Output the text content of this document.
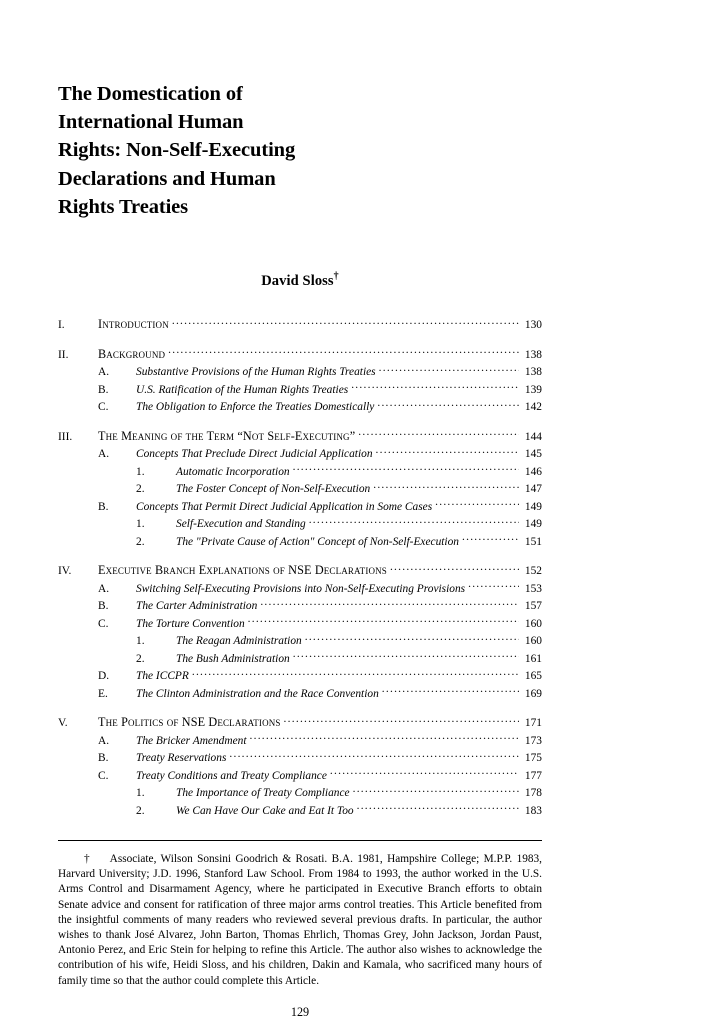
The Domestication of
International Human
Rights: Non-Self-Executing
Declarations and Human
Rights Treaties
David Sloss†
I.	Introduction .....	130
II.	Background .....	138
A.	Substantive Provisions of the Human Rights Treaties .....	138
B.	U.S. Ratification of the Human Rights Treaties .....	139
C.	The Obligation to Enforce the Treaties Domestically .....	142
III.	The Meaning of the Term “Not Self-Executing” .....	144
A.	Concepts That Preclude Direct Judicial Application .....	145
1.	Automatic Incorporation .....	146
2.	The Foster Concept of Non-Self-Execution .....	147
B.	Concepts That Permit Direct Judicial Application in Some Cases .....	149
1.	Self-Execution and Standing .....	149
2.	The "Private Cause of Action" Concept of Non-Self-Execution .....	151
IV.	Executive Branch Explanations of NSE Declarations .....	152
A.	Switching Self-Executing Provisions into Non-Self-Executing Provisions .....	153
B.	The Carter Administration .....	157
C.	The Torture Convention .....	160
1.	The Reagan Administration .....	160
2.	The Bush Administration .....	161
D.	The ICCPR .....	165
E.	The Clinton Administration and the Race Convention .....	169
V.	The Politics of NSE Declarations .....	171
A.	The Bricker Amendment .....	173
B.	Treaty Reservations .....	175
C.	Treaty Conditions and Treaty Compliance .....	177
1.	The Importance of Treaty Compliance .....	178
2.	We Can Have Our Cake and Eat It Too .....	183
† Associate, Wilson Sonsini Goodrich & Rosati. B.A. 1981, Hampshire College; M.P.P. 1983, Harvard University; J.D. 1996, Stanford Law School. From 1984 to 1993, the author worked in the U.S. Arms Control and Disarmament Agency, where he participated in Executive Branch efforts to obtain Senate advice and consent for ratification of three major arms control treaties. This Article benefited from the insightful comments of many readers who reviewed several previous drafts. In particular, the author wishes to thank José Alvarez, John Barton, Thomas Ehrlich, Thomas Grey, John Jackson, Jordan Paust, Antonio Perez, and Eric Stein for helping to refine this Article. The author also wishes to acknowledge the contribution of his wife, Heidi Sloss, and his children, Dakin and Kamala, who sacrificed many hours of family time so that the author could complete this Article.
129
